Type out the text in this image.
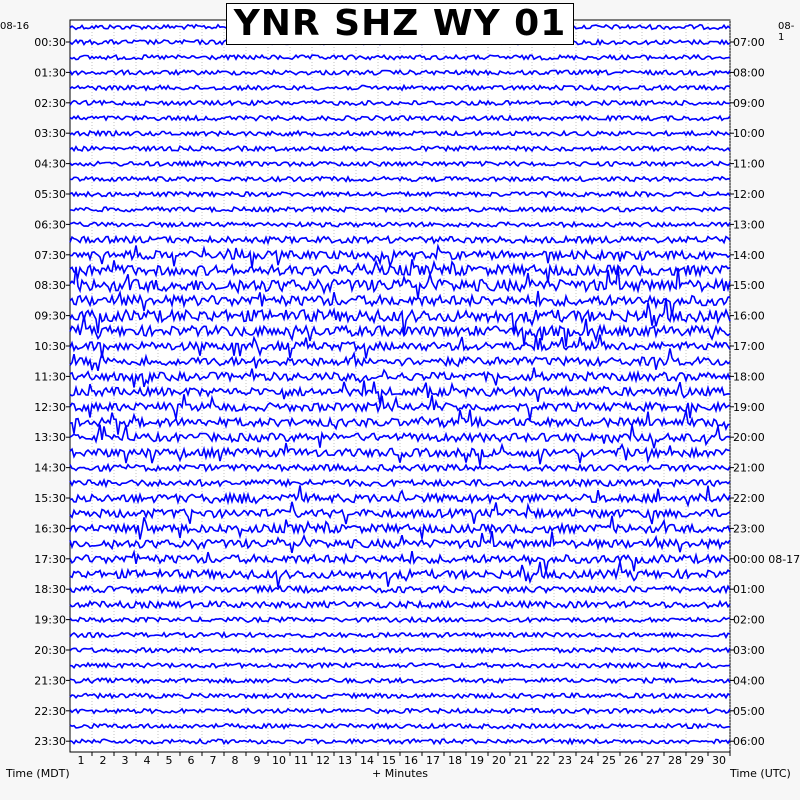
00:30
01:30
02:30
03:30
04:30
05:30
06:30
07:30
08:30
09:30
10:30
11:30
12:30
13:30
14:30
15:30
16:30
17:30
18:30
19:30
20:30
21:30
22:30
23:30
07:00
08:00
09:00
10:00
11:00
12:00
13:00
14:00
15:00
16:00
17:00
18:00
19:00
20:00
21:00
22:00
23:00
00:00 08-17
01:00
02:00
03:00
04:00
05:00
06:00
1 2 3 4 5 6 7 8 9 10 11 12 13 14 15 16 17 18 19 20 21 22 23 24 25 26 27 28 29 30
YNR SHZ WY 01
08-16	08-1
Time (MDT)	+ Minutes	Time (UTC)
